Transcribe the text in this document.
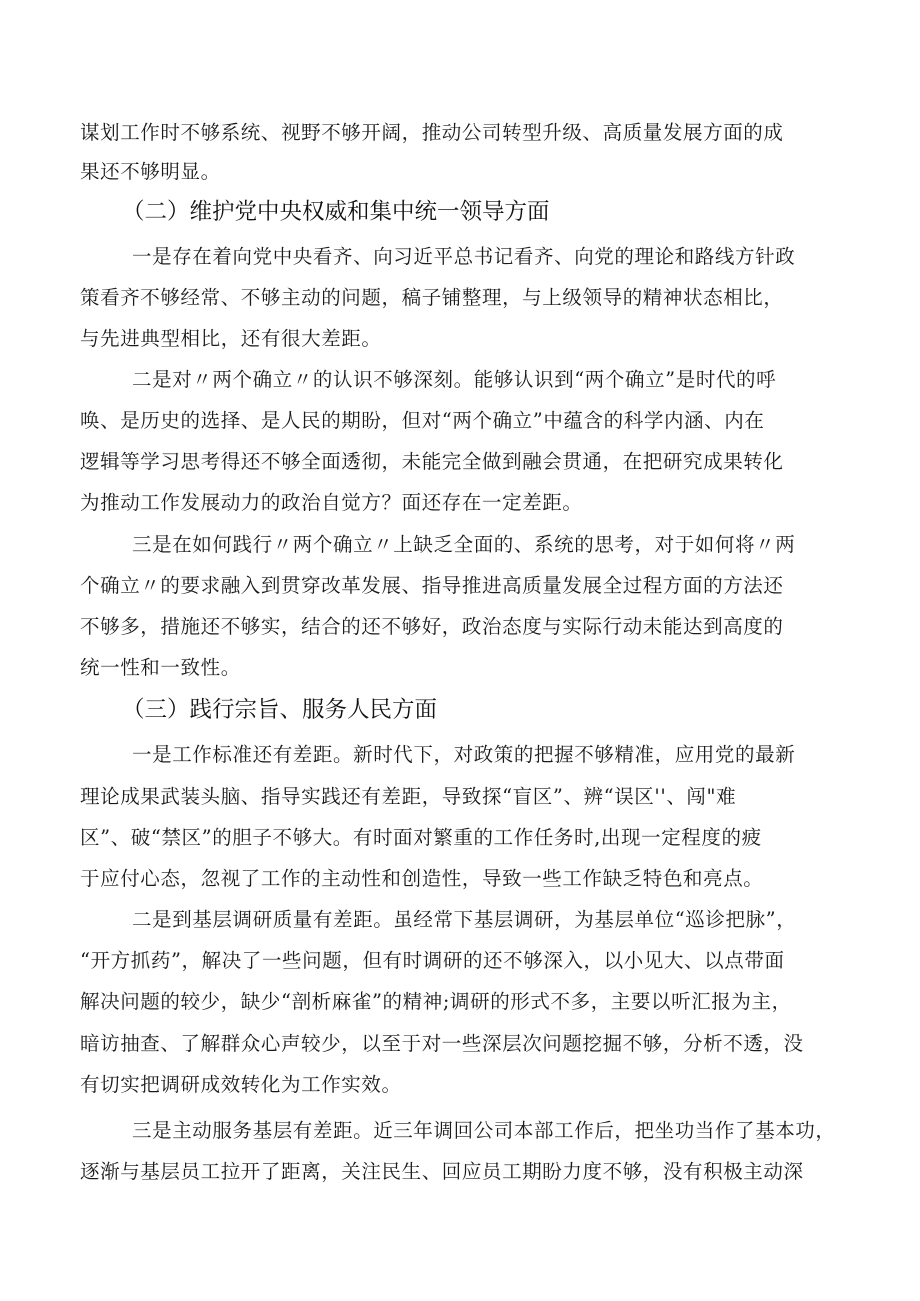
谋划工作时不够系统、视野不够开阔，推动公司转型升级、高质量发展方面的成
果还不够明显。
（二）维护党中央权威和集中统一领导方面
一是存在着向党中央看齐、向习近平总书记看齐、向党的理论和路线方针政
策看齐不够经常、不够主动的问题，稿子铺整理，与上级领导的精神状态相比，
与先进典型相比，还有很大差距。
二是对〃两个确立〃的认识不够深刻。能够认识到“两个确立”是时代的呼
唤、是历史的选择、是人民的期盼，但对“两个确立”中蕴含的科学内涵、内在
逻辑等学习思考得还不够全面透彻，未能完全做到融会贯通，在把研究成果转化
为推动工作发展动力的政治自觉方？面还存在一定差距。
三是在如何践行〃两个确立〃上缺乏全面的、系统的思考，对于如何将〃两
个确立〃的要求融入到贯穿改革发展、指导推进高质量发展全过程方面的方法还
不够多，措施还不够实，结合的还不够好，政治态度与实际行动未能达到高度的
统一性和一致性。
（三）践行宗旨、服务人民方面
一是工作标准还有差距。新时代下，对政策的把握不够精准，应用党的最新
理论成果武装头脑、指导实践还有差距，导致探“盲区”、辨“误区''、闯"难
区”、破“禁区”的胆子不够大。有时面对繁重的工作任务时,出现一定程度的疲
于应付心态，忽视了工作的主动性和创造性，导致一些工作缺乏特色和亮点。
二是到基层调研质量有差距。虽经常下基层调研，为基层单位“巡诊把脉”，
“开方抓药”，解决了一些问题，但有时调研的还不够深入，以小见大、以点带面
解决问题的较少，缺少“剖析麻雀”的精神;调研的形式不多，主要以听汇报为主，
暗访抽查、了解群众心声较少，以至于对一些深层次问题挖掘不够，分析不透，没
有切实把调研成效转化为工作实效。
三是主动服务基层有差距。近三年调回公司本部工作后，把坐功当作了基本功，
逐渐与基层员工拉开了距离，关注民生、回应员工期盼力度不够，没有积极主动深
